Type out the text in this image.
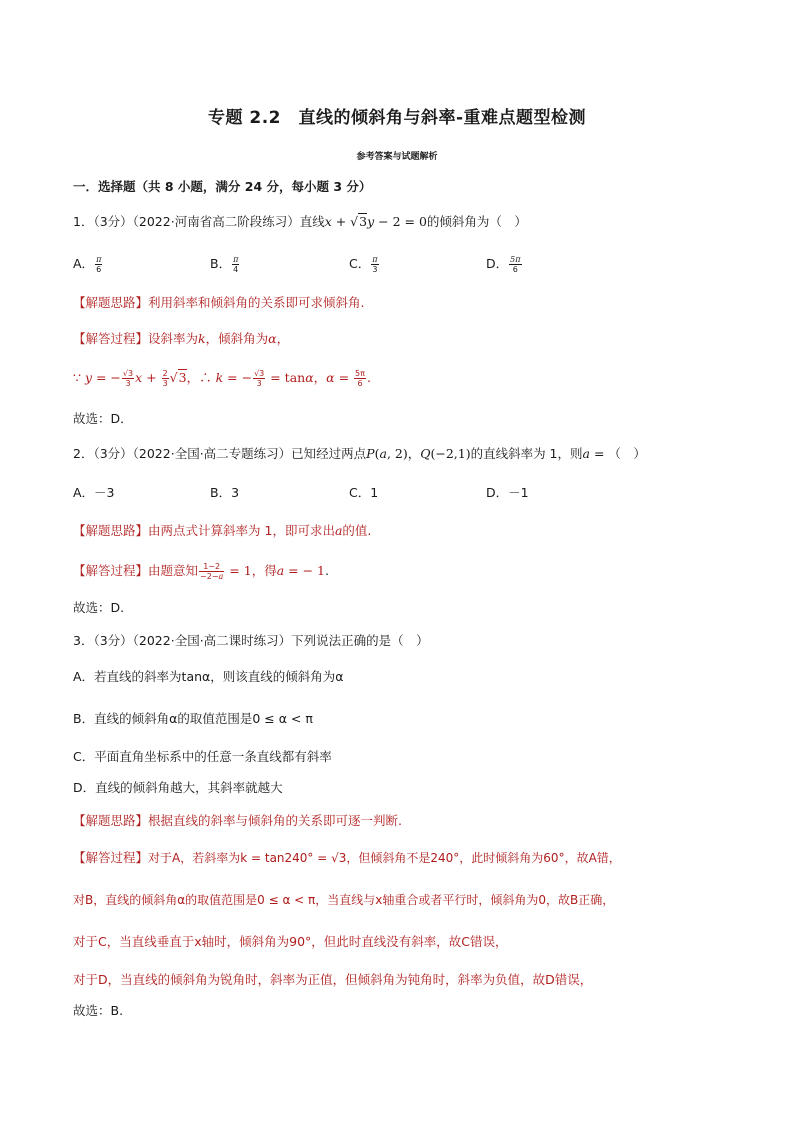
专题 2.2　直线的倾斜角与斜率-重难点题型检测
参考答案与试题解析
一．选择题（共 8 小题，满分 24 分，每小题 3 分）
1．（3分）（2022·河南省高二阶段练习）直线x + √3y − 2 = 0的倾斜角为（　）
A． $\frac{\pi}{6}$	B． $\frac{\pi}{4}$	C． $\frac{\pi}{3}$	D． $\frac{5\pi}{6}$
【解题思路】利用斜率和倾斜角的关系即可求倾斜角.
【解答过程】设斜率为k，倾斜角为α，
∵ y = − $\frac{√3}{3}$ $x + \frac{2}{3} √3$，∴ k = − $\frac{√3}{3} = \tan\alpha$，$\alpha = \frac{5\pi}{6}$ .
故选：D．
2．（3分）（2022·全国·高二专题练习）已知经过两点P(a, 2)，Q(−2,1)的直线斜率为 1，则a = （　）
A．－3	B．3	C．1	D．－1
【解题思路】由两点式计算斜率为 1，即可求出a的值.
【解答过程】由题意知 $\frac{1-2}{-2-a} = 1$，得a = − 1.
故选：D.
3．（3分）（2022·全国·高二课时练习）下列说法正确的是（　）
A．若直线的斜率为tanα，则该直线的倾斜角为α
B．直线的倾斜角α的取值范围是0 ≤ α < π
C．平面直角坐标系中的任意一条直线都有斜率
D．直线的倾斜角越大，其斜率就越大
【解题思路】根据直线的斜率与倾斜角的关系即可逐一判断.
【解答过程】对于A，若斜率为k = tan240° = √3，但倾斜角不是240°，此时倾斜角为60°，故A错，
对B，直线的倾斜角α的取值范围是0 ≤ α < π，当直线与x轴重合或者平行时，倾斜角为0，故B正确，
对于C，当直线垂直于x轴时，倾斜角为90°，但此时直线没有斜率，故C错误，
对于D，当直线的倾斜角为锐角时，斜率为正值，但倾斜角为钝角时，斜率为负值，故D错误，
故选：B.
